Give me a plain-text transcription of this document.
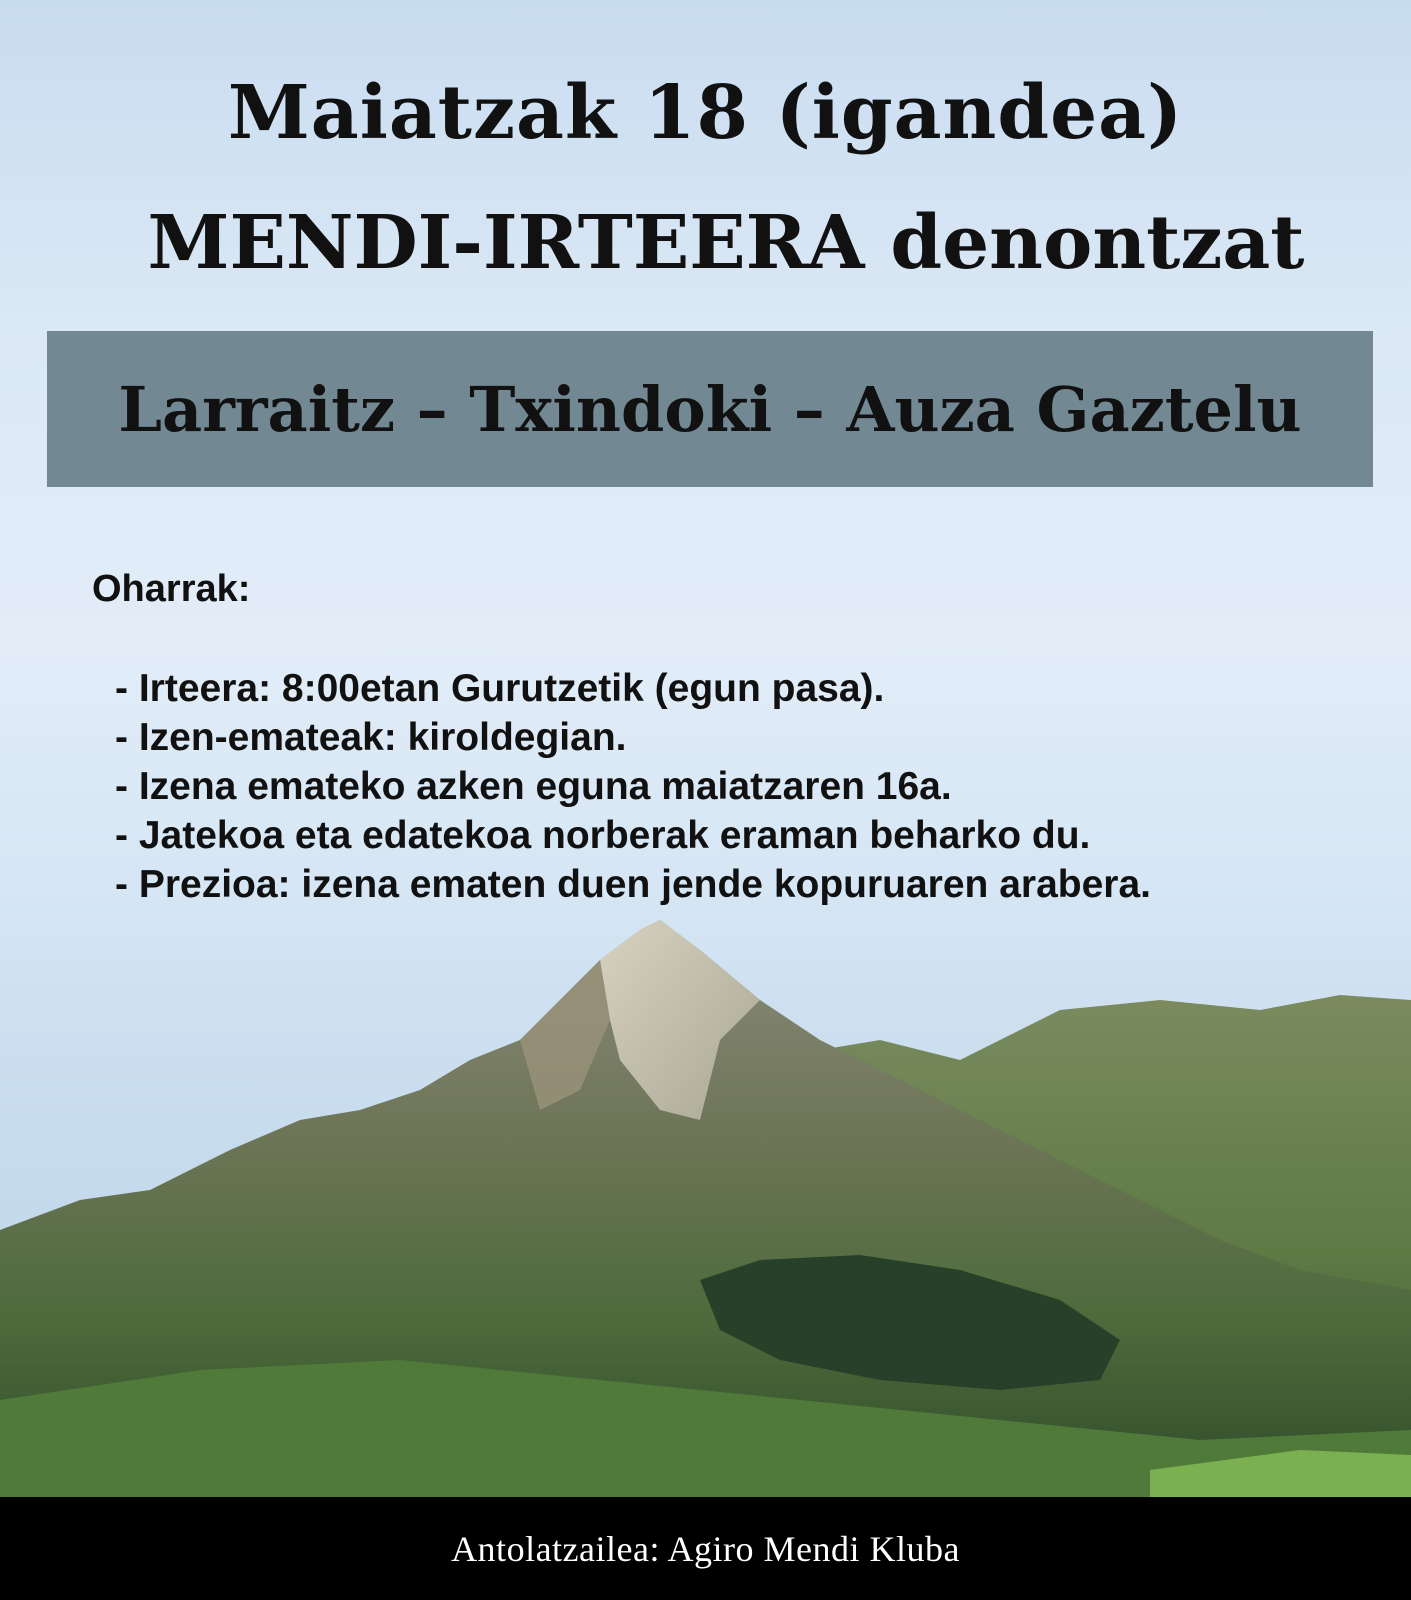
Maiatzak 18 (igandea)
MENDI-IRTEERA denontzat
Larraitz – Txindoki – Auza Gaztelu
Oharrak:
- Irteera: 8:00etan Gurutzetik (egun pasa).
- Izen-emateak: kiroldegian.
- Izena emateko azken eguna maiatzaren 16a.
- Jatekoa eta edatekoa norberak eraman beharko du.
- Prezioa: izena ematen duen jende kopuruaren arabera.
Antolatzailea: Agiro Mendi Kluba
